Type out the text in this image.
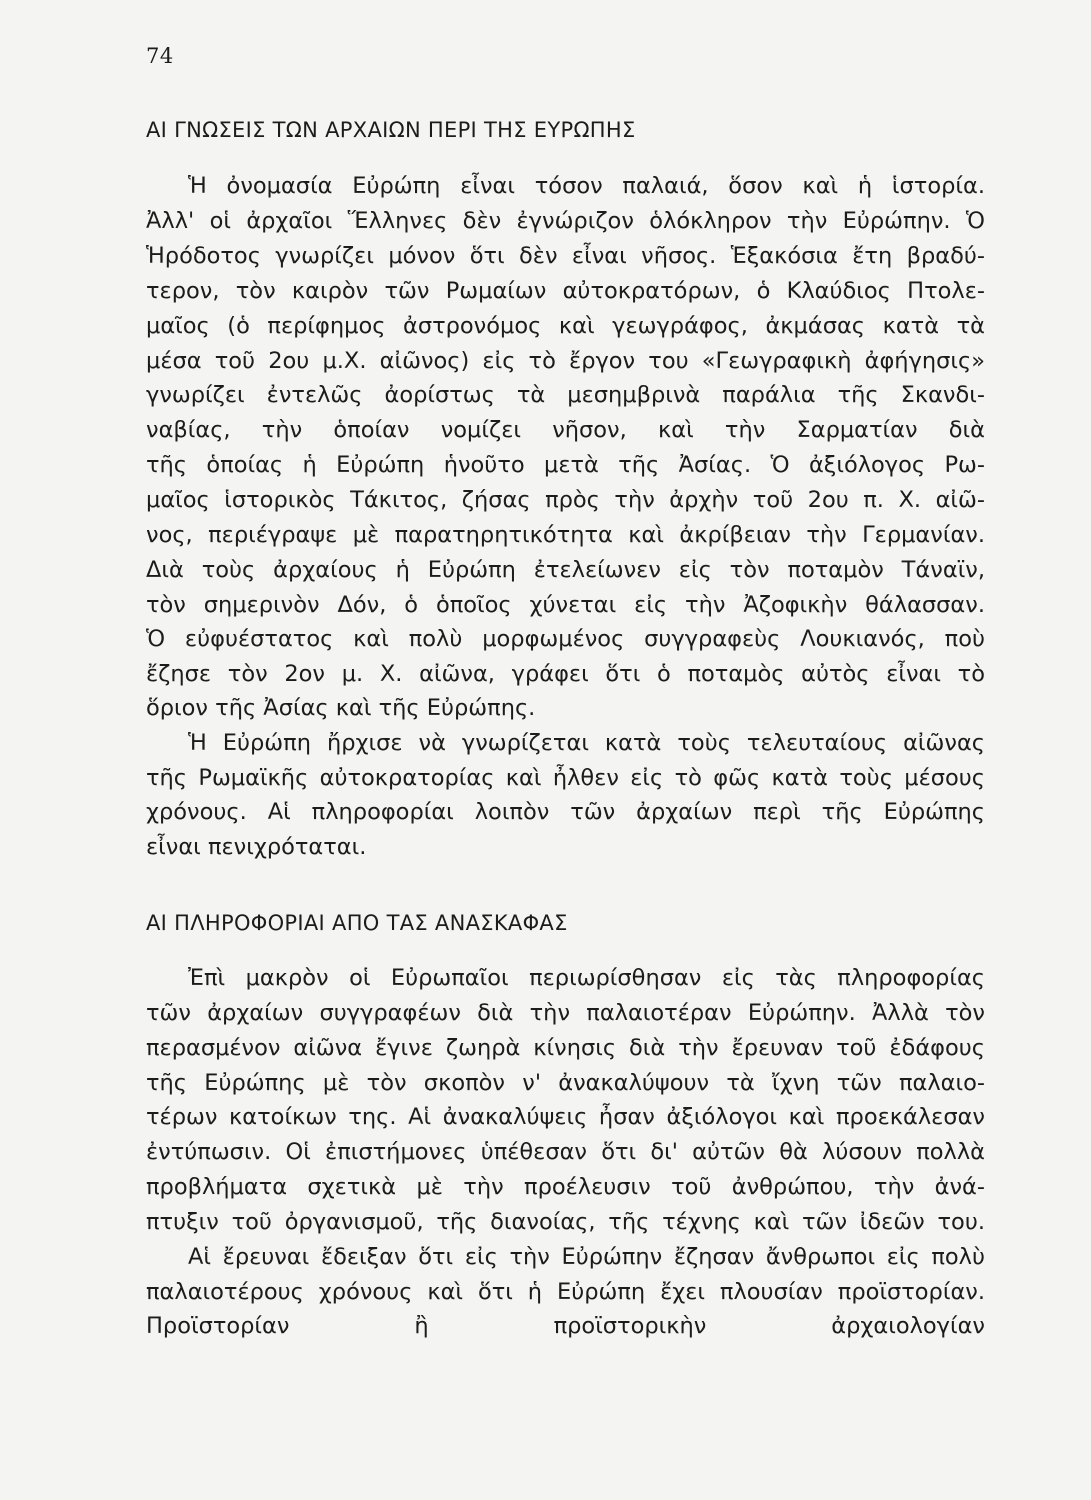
74
ΑΙ ΓΝΩΣΕΙΣ ΤΩΝ ΑΡΧΑΙΩΝ ΠΕΡΙ ΤΗΣ ΕΥΡΩΠΗΣ
Ἡ ὀνομασία Εὐρώπη εἶναι τόσον παλαιά, ὅσον καὶ ἡ ἱστορία.
Ἀλλ' οἱ ἀρχαῖοι Ἕλληνες δὲν ἐγνώριζον ὁλόκληρον τὴν Εὐρώπην. Ὁ
Ἡρόδοτος γνωρίζει μόνον ὅτι δὲν εἶναι νῆσος. Ἑξακόσια ἔτη βραδύ-
τερον, τὸν καιρὸν τῶν Ρωμαίων αὐτοκρατόρων, ὁ Κλαύδιος Πτολε-
μαῖος (ὁ περίφημος ἀστρονόμος καὶ γεωγράφος, ἀκμάσας κατὰ τὰ
μέσα τοῦ 2ου μ.Χ. αἰῶνος) εἰς τὸ ἔργον του «Γεωγραφικὴ ἀφήγησις»
γνωρίζει ἐντελῶς ἀορίστως τὰ μεσημβρινὰ παράλια τῆς Σκανδι-
ναβίας, τὴν ὁποίαν νομίζει νῆσον, καὶ τὴν Σαρματίαν διὰ
τῆς ὁποίας ἡ Εὐρώπη ἡνοῦτο μετὰ τῆς Ἀσίας. Ὁ ἀξιόλογος Ρω-
μαῖος ἱστορικὸς Τάκιτος, ζήσας πρὸς τὴν ἀρχὴν τοῦ 2ου π. Χ. αἰῶ-
νος, περιέγραψε μὲ παρατηρητικότητα καὶ ἀκρίβειαν τὴν Γερμανίαν.
Διὰ τοὺς ἀρχαίους ἡ Εὐρώπη ἐτελείωνεν εἰς τὸν ποταμὸν Τάναϊν,
τὸν σημερινὸν Δόν, ὁ ὁποῖος χύνεται εἰς τὴν Ἀζοφικὴν θάλασσαν.
Ὁ εὐφυέστατος καὶ πολὺ μορφωμένος συγγραφεὺς Λουκιανός, ποὺ
ἔζησε τὸν 2ον μ. Χ. αἰῶνα, γράφει ὅτι ὁ ποταμὸς αὐτὸς εἶναι τὸ
ὅριον τῆς Ἀσίας καὶ τῆς Εὐρώπης.
Ἡ Εὐρώπη ἤρχισε νὰ γνωρίζεται κατὰ τοὺς τελευταίους αἰῶνας
τῆς Ρωμαϊκῆς αὐτοκρατορίας καὶ ἦλθεν εἰς τὸ φῶς κατὰ τοὺς μέσους
χρόνους. Αἱ πληροφορίαι λοιπὸν τῶν ἀρχαίων περὶ τῆς Εὐρώπης
εἶναι πενιχρόταται.
ΑΙ ΠΛΗΡΟΦΟΡΙΑΙ ΑΠΟ ΤΑΣ ΑΝΑΣΚΑΦΑΣ
Ἐπὶ μακρὸν οἱ Εὐρωπαῖοι περιωρίσθησαν εἰς τὰς πληροφορίας
τῶν ἀρχαίων συγγραφέων διὰ τὴν παλαιοτέραν Εὐρώπην. Ἀλλὰ τὸν
περασμένον αἰῶνα ἔγινε ζωηρὰ κίνησις διὰ τὴν ἔρευναν τοῦ ἐδάφους
τῆς Εὐρώπης μὲ τὸν σκοπὸν ν' ἀνακαλύψουν τὰ ἴχνη τῶν παλαιο-
τέρων κατοίκων της. Αἱ ἀνακαλύψεις ἦσαν ἀξιόλογοι καὶ προεκάλεσαν
ἐντύπωσιν. Οἱ ἐπιστήμονες ὑπέθεσαν ὅτι δι' αὐτῶν θὰ λύσουν πολλὰ
προβλήματα σχετικὰ μὲ τὴν προέλευσιν τοῦ ἀνθρώπου, τὴν ἀνά-
πτυξιν τοῦ ὀργανισμοῦ, τῆς διανοίας, τῆς τέχνης καὶ τῶν ἰδεῶν του.
Αἱ ἔρευναι ἔδειξαν ὅτι εἰς τὴν Εὐρώπην ἔζησαν ἄνθρωποι εἰς πολὺ
παλαιοτέρους χρόνους καὶ ὅτι ἡ Εὐρώπη ἔχει πλουσίαν προϊστορίαν.
Προϊστορίαν ἢ προϊστορικὴν ἀρχαιολογίαν
